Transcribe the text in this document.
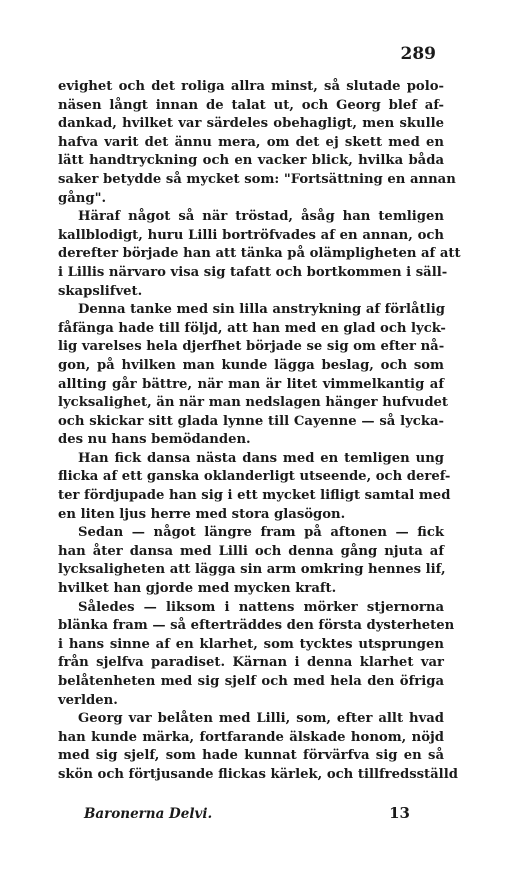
289
evighet och det roliga allra minst, så slutade polo-
näsen långt innan de talat ut, och Georg blef af-
dankad, hvilket var särdeles obehagligt, men skulle
hafva varit det ännu mera, om det ej skett med en
lätt handtryckning och en vacker blick, hvilka båda
saker betydde så mycket som: "Fortsättning en annan
gång".
Häraf något så när tröstad, åsåg han temligen
kallblodigt, huru Lilli bortröfvades af en annan, och
derefter började han att tänka på olämpligheten af att
i Lillis närvaro visa sig tafatt och bortkommen i säll-
skapslifvet.
Denna tanke med sin lilla anstrykning af förlåtlig
fåfänga hade till följd, att han med en glad och lyck-
lig varelses hela djerfhet började se sig om efter nå-
gon, på hvilken man kunde lägga beslag, och som
allting går bättre, när man är litet vimmelkantig af
lycksalighet, än när man nedslagen hänger hufvudet
och skickar sitt glada lynne till Cayenne — så lycka-
des nu hans bemödanden.
Han fick dansa nästa dans med en temligen ung
flicka af ett ganska oklanderligt utseende, och deref-
ter fördjupade han sig i ett mycket lifligt samtal med
en liten ljus herre med stora glasögon.
Sedan — något längre fram på aftonen — fick
han åter dansa med Lilli och denna gång njuta af
lycksaligheten att lägga sin arm omkring hennes lif,
hvilket han gjorde med mycken kraft.
Således — liksom i nattens mörker stjernorna
blänka fram — så efterträddes den första dysterheten
i hans sinne af en klarhet, som tycktes utsprungen
från sjelfva paradiset. Kärnan i denna klarhet var
belåtenheten med sig sjelf och med hela den öfriga
verlden.
Georg var belåten med Lilli, som, efter allt hvad
han kunde märka, fortfarande älskade honom, nöjd
med sig sjelf, som hade kunnat förvärfva sig en så
skön och förtjusande flickas kärlek, och tillfredsställd
Baronerna Delvi.	13
